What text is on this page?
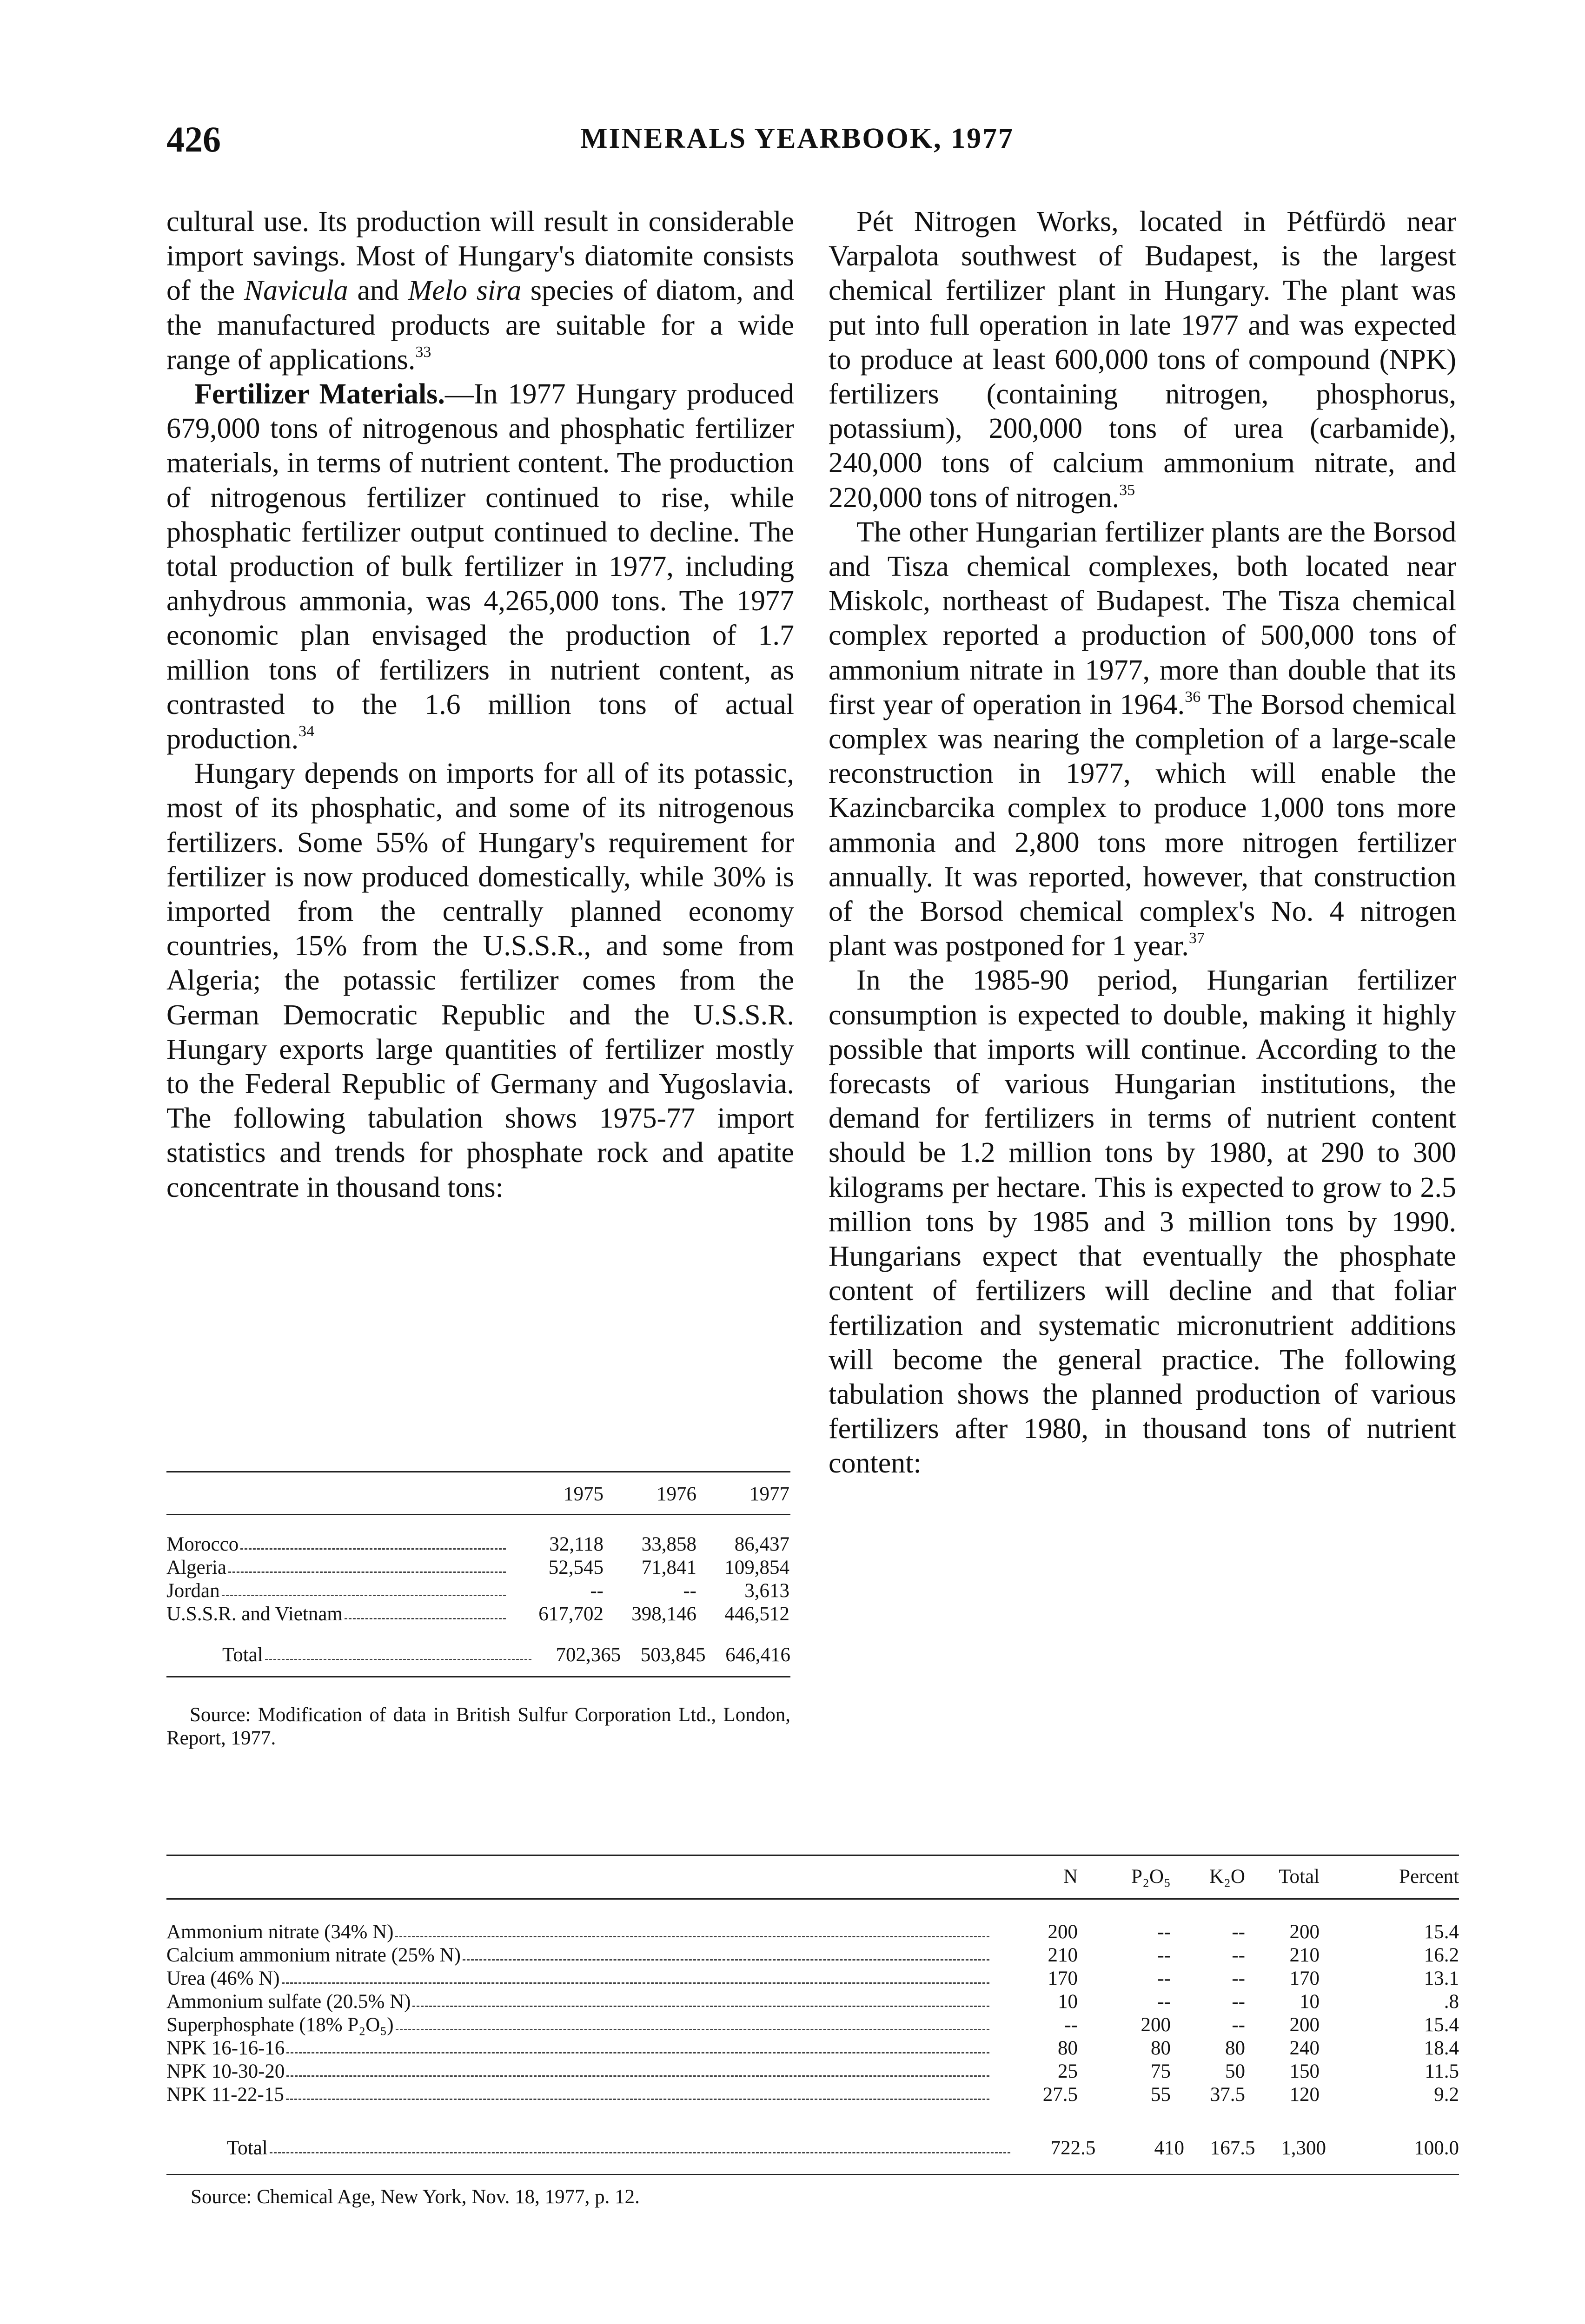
426	MINERALS YEARBOOK, 1977

cultural use. Its production will result in considerable import savings. Most of Hungary's diatomite consists of the Navicula and Melo sira species of diatom, and the manufactured products are suitable for a wide range of applications.$^{33}$

Fertilizer Materials.—In 1977 Hungary produced 679,000 tons of nitrogenous and phosphatic fertilizer materials, in terms of nutrient content. The production of nitrogenous fertilizer continued to rise, while phosphatic fertilizer output continued to decline. The total production of bulk fertilizer in 1977, including anhydrous ammonia, was 4,265,000 tons. The 1977 economic plan envisaged the production of 1.7 million tons of fertilizers in nutrient content, as contrasted to the 1.6 million tons of actual production.$^{34}$

Hungary depends on imports for all of its potassic, most of its phosphatic, and some of its nitrogenous fertilizers. Some 55% of Hungary's requirement for fertilizer is now produced domestically, while 30% is imported from the centrally planned economy countries, 15% from the U.S.S.R., and some from Algeria; the potassic fertilizer comes from the German Democratic Republic and the U.S.S.R. Hungary exports large quantities of fertilizer mostly to the Federal Republic of Germany and Yugoslavia. The following tabulation shows 1975-77 import statistics and trends for phosphate rock and apatite concentrate in thousand tons:

Pét Nitrogen Works, located in Pétfürdö near Varpalota southwest of Budapest, is the largest chemical fertilizer plant in Hungary. The plant was put into full operation in late 1977 and was expected to produce at least 600,000 tons of compound (NPK) fertilizers (containing nitrogen, phosphorus, potassium), 200,000 tons of urea (carbamide), 240,000 tons of calcium ammonium nitrate, and 220,000 tons of nitrogen.$^{35}$

The other Hungarian fertilizer plants are the Borsod and Tisza chemical complexes, both located near Miskolc, northeast of Budapest. The Tisza chemical complex reported a production of 500,000 tons of ammonium nitrate in 1977, more than double that its first year of operation in 1964.36 The Borsod chemical complex was nearing the completion of a large-scale reconstruction in 1977, which will enable the Kazincbarcika complex to produce 1,000 tons more ammonia and 2,800 tons more nitrogen fertilizer annually. It was reported, however, that construction of the Borsod chemical complex's No. 4 nitrogen plant was postponed for 1 year.$^{37}$

In the 1985-90 period, Hungarian fertilizer consumption is expected to double, making it highly possible that imports will continue. According to the forecasts of various Hungarian institutions, the demand for fertilizers in terms of nutrient content should be 1.2 million tons by 1980, at 290 to 300 kilograms per hectare. This is expected to grow to 2.5 million tons by 1985 and 3 million tons by 1990. Hungarians expect that eventually the phosphate content of fertilizers will decline and that foliar fertilization and systematic micronutrient additions will become the general practice. The following tabulation shows the planned production of various fertilizers after 1980, in thousand tons of nutrient content:

1975	1976	1977
Morocco	32,118	33,858	86,437
Algeria	52,545	71,841	109,854
Jordan	--	--	3,613
U.S.S.R. and Vietnam	617,702	398,146	446,512
Total	702,365 503,845 646,416
Source: Modification of data in British Sulfur Corporation Ltd., London, Report, 1977.
N	P₂O₅	K₂O	Total	Percent
Ammonium nitrate (34% N)	200	--	--	200	15.4
Calcium ammonium nitrate (25% N)	210	--	--	210	16.2
Urea (46% N)	170	--	--	170	13.1
Ammonium sulfate (20.5% N)	10	--	--	10	.8
Superphosphate (18% P₂O₅)	--	200	--	200	15.4
NPK 16-16-16	80	80	80	240	18.4
NPK 10-30-20	25	75	50	150	11.5
NPK 11-22-15	27.5	55	37.5	120	9.2
Total	722.5	410	167.5	1,300	100.0
Source: Chemical Age, New York, Nov. 18, 1977, p. 12.
